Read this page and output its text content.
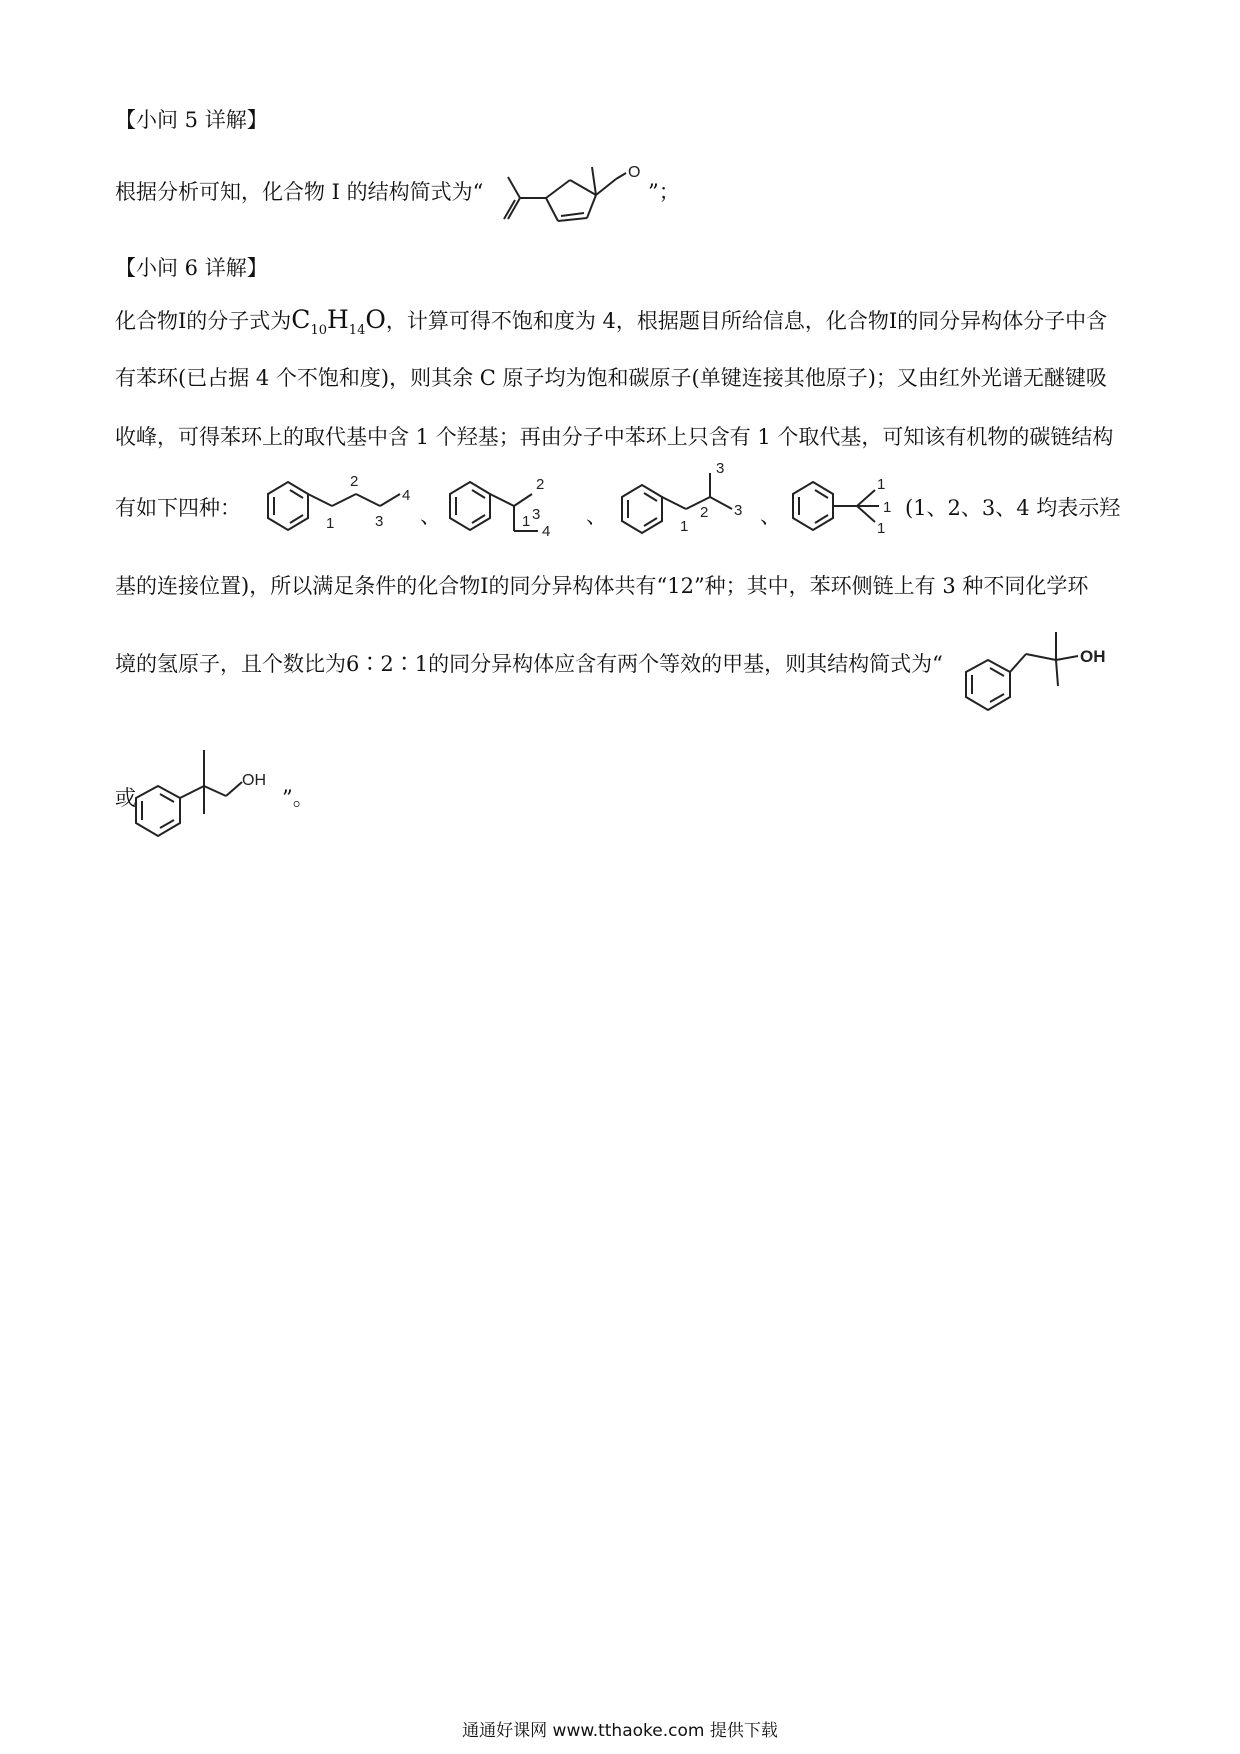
【小问 5 详解】
根据分析可知，化合物 I 的结构简式为“
O
”；
【小问 6 详解】
化合物I的分子式为$C_{10}H_{14}O$，计算可得不饱和度为 4，根据题目所给信息，化合物I的同分异构体分子中含
有苯环(已占据 4 个不饱和度)，则其余 C 原子均为饱和碳原子(单键连接其他原子)；又由红外光谱无醚键吸
收峰，可得苯环上的取代基中含 1 个羟基；再由分子中苯环上只含有 1 个取代基，可知该有机物的碳链结构
有如下四种：
1
2
3
4
、	1
2
3
4
、	1
2
3
3 、
1
1
1
(1、2、3、4 均表示羟
基的连接位置)，所以满足条件的化合物I的同分异构体共有“12”种；其中，苯环侧链上有 3 种不同化学环
境的氢原子，且个数比为6∶2∶1的同分异构体应含有两个等效的甲基，则其结构简式为“	OH
或
OH
”。
通通好课网 www.tthaoke.com 提供下载
